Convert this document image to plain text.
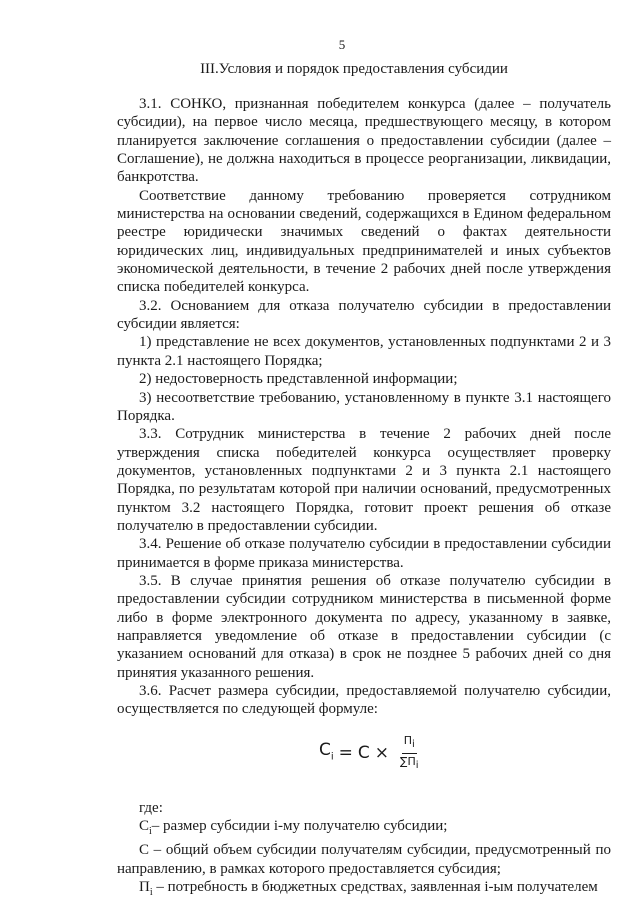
5
III.Условия и порядок предоставления субсидии

3.1. СОНКО, признанная победителем конкурса (далее – получатель субсидии), на первое число месяца, предшествующего месяцу, в котором планируется заключение соглашения о предоставлении субсидии (далее – Соглашение), не должна находиться в процессе реорганизации, ликвидации, банкротства.

Соответствие данному требованию проверяется сотрудником министерства на основании сведений, содержащихся в Едином федеральном реестре юридически значимых сведений о фактах деятельности юридических лиц, индивидуальных предпринимателей и иных субъектов экономической деятельности, в течение 2 рабочих дней после утверждения списка победителей конкурса.

3.2. Основанием для отказа получателю субсидии в предоставлении субсидии является:

1) представление не всех документов, установленных подпунктами 2 и 3 пункта 2.1 настоящего Порядка;

2) недостоверность представленной информации;

3) несоответствие требованию, установленному в пункте 3.1 настоящего Порядка.

3.3. Сотрудник министерства в течение 2 рабочих дней после утверждения списка победителей конкурса осуществляет проверку документов, установленных подпунктами 2 и 3 пункта 2.1 настоящего Порядка, по результатам которой при наличии оснований, предусмотренных пунктом 3.2 настоящего Порядка, готовит проект решения об отказе получателю в предоставлении субсидии.

3.4. Решение об отказе получателю субсидии в предоставлении субсидии принимается в форме приказа министерства.

3.5. В случае принятия решения об отказе получателю субсидии в предоставлении субсидии сотрудником министерства в письменной форме либо в форме электронного документа по адресу, указанному в заявке, направляется уведомление об отказе в предоставлении субсидии (с указанием оснований для отказа) в срок не позднее 5 рабочих дней со дня принятия указанного решения.

3.6. Расчет размера субсидии, предоставляемой получателю субсидии, осуществляется по следующей формуле:

$С_i = С \times \frac{П_i}{\sum П_i}$

где:

$С_i-$ размер субсидии i-му получателю субсидии;

С – общий объем субсидии получателям субсидии, предусмотренный по направлению, в рамках которого предоставляется субсидия;

$П_i$ – потребность в бюджетных средствах, заявленная i-ым получателем
